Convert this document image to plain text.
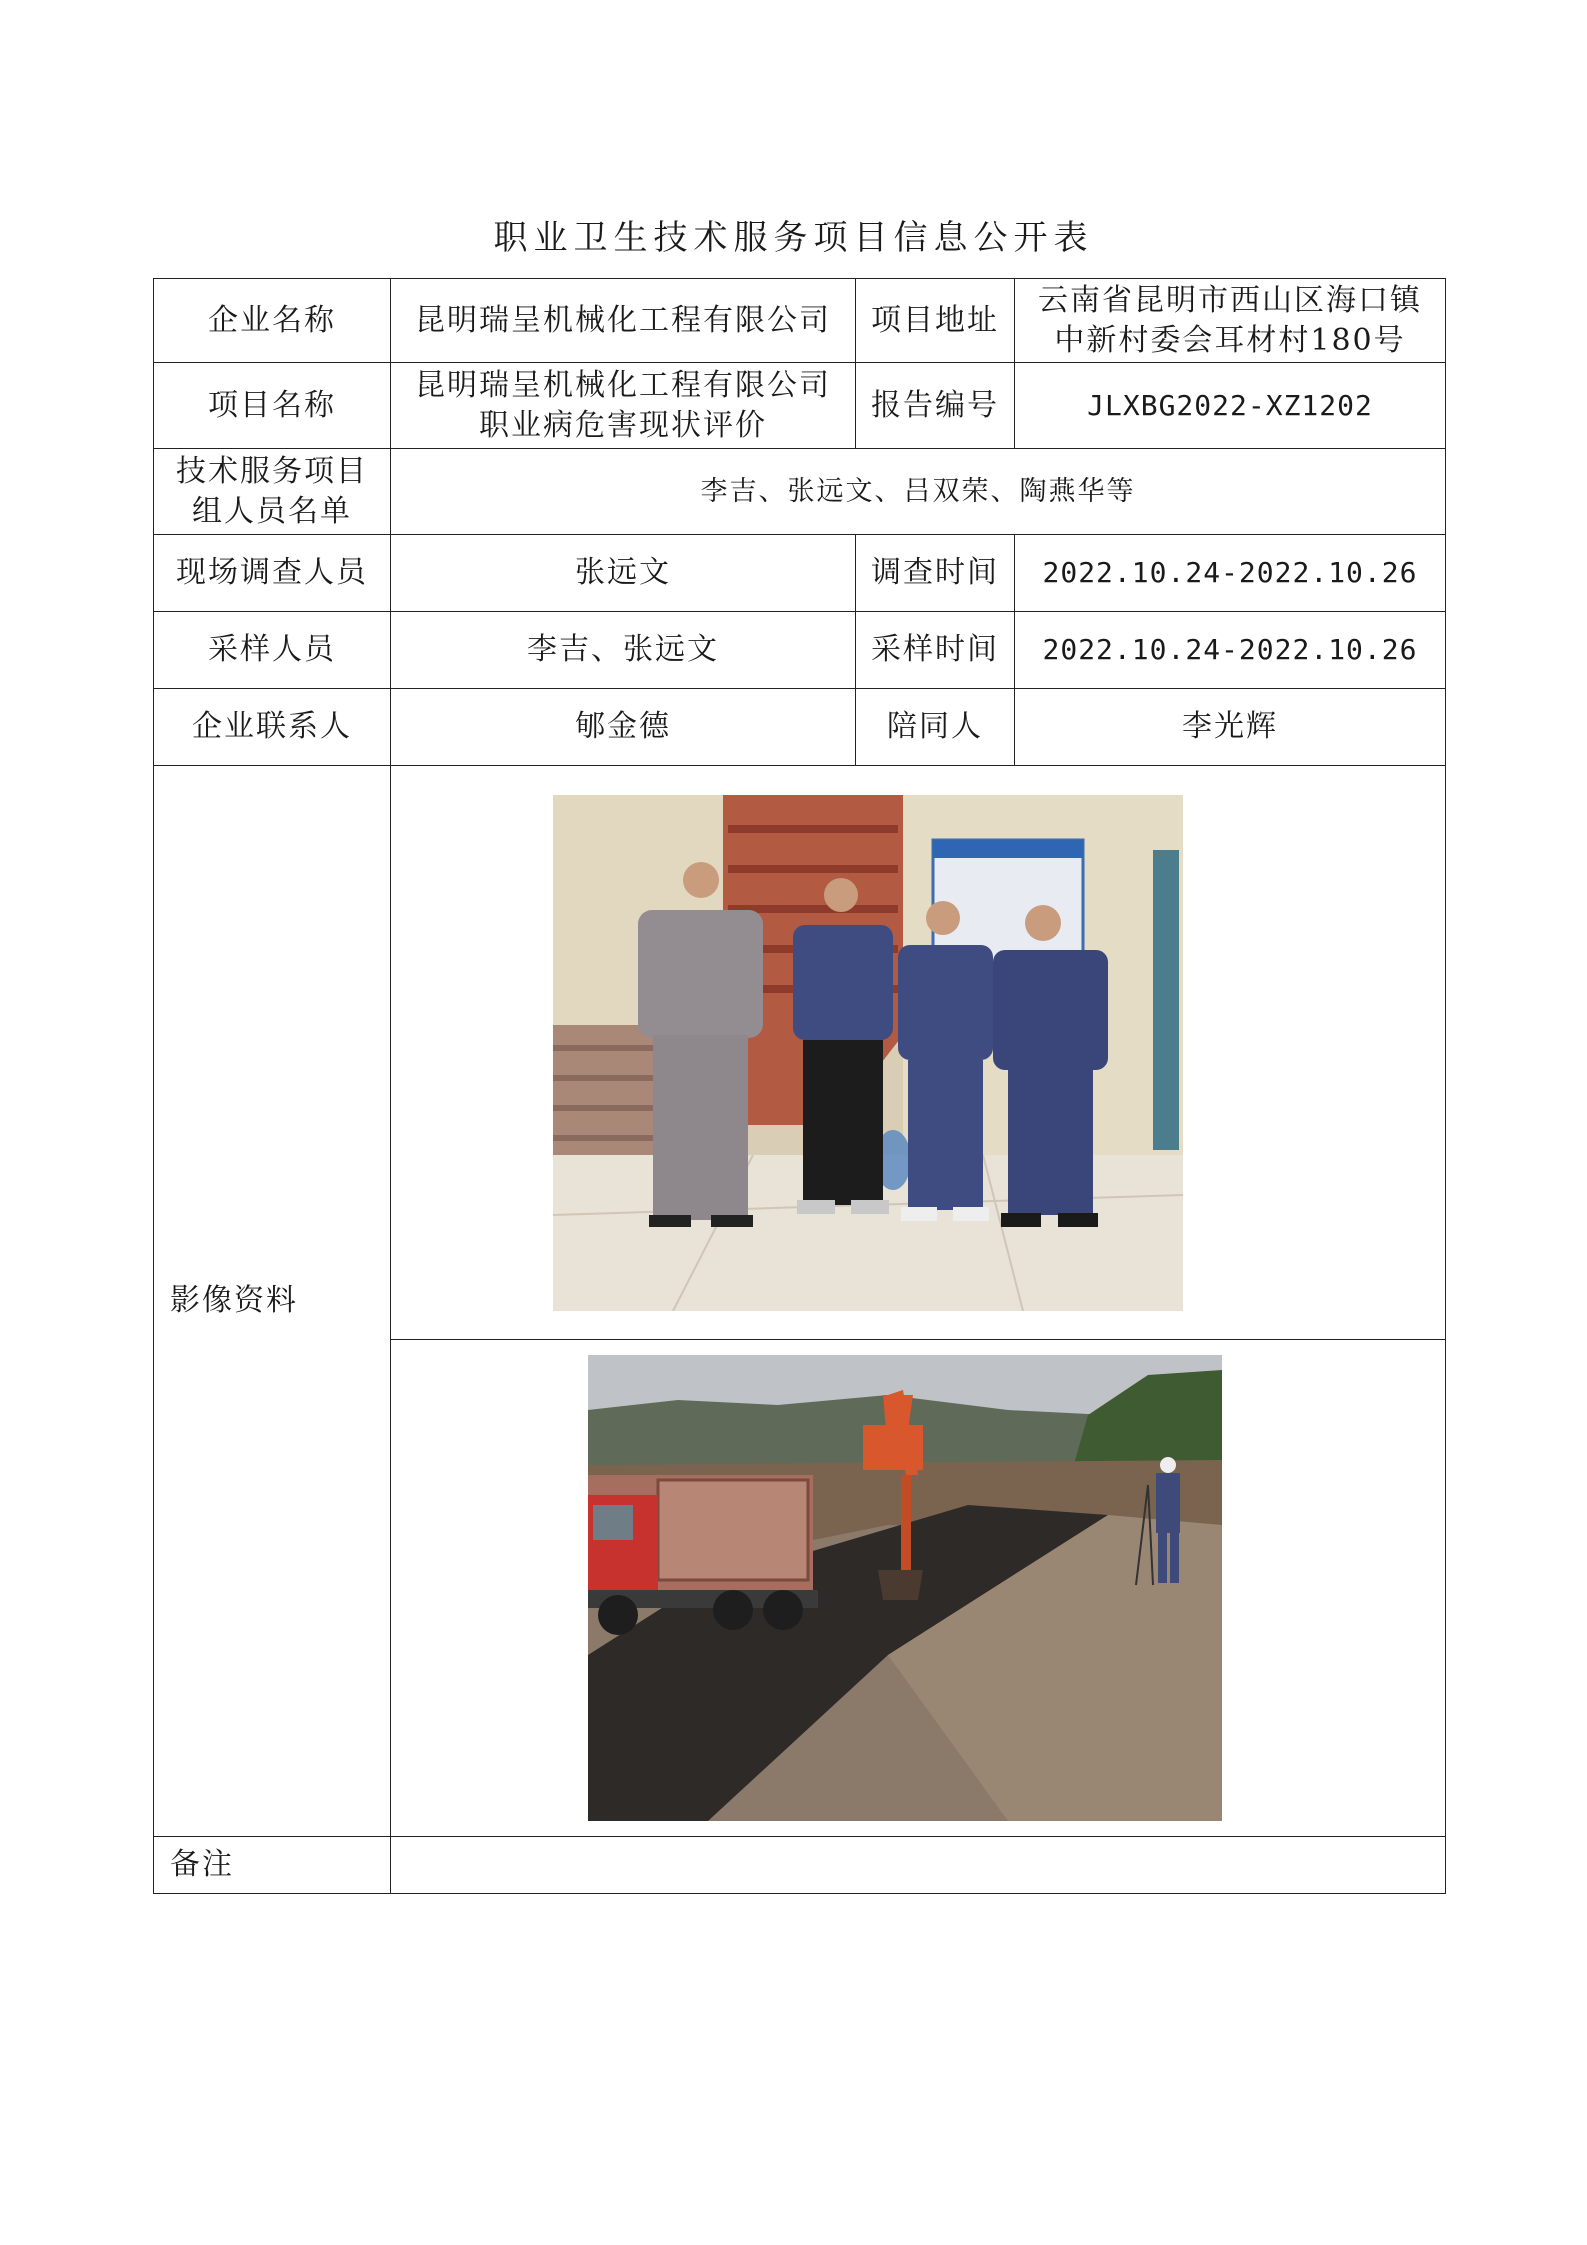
职业卫生技术服务项目信息公开表
企业名称	昆明瑞呈机械化工程有限公司	项目地址	云南省昆明市西山区海口镇
中新村委会耳材村180号

项目名称	昆明瑞呈机械化工程有限公司
职业病危害现状评价	报告编号	JLXBG2022-XZ1202

技术服务项目
组人员名单	李吉、张远文、吕双荣、陶燕华等		
现场调查人员	张远文	调查时间	2022.10.24-2022.10.26
采样人员	李吉、张远文	采样时间	2022.10.24-2022.10.26
企业联系人	郇金德	陪同人	李光辉
影像资料	

备注			
